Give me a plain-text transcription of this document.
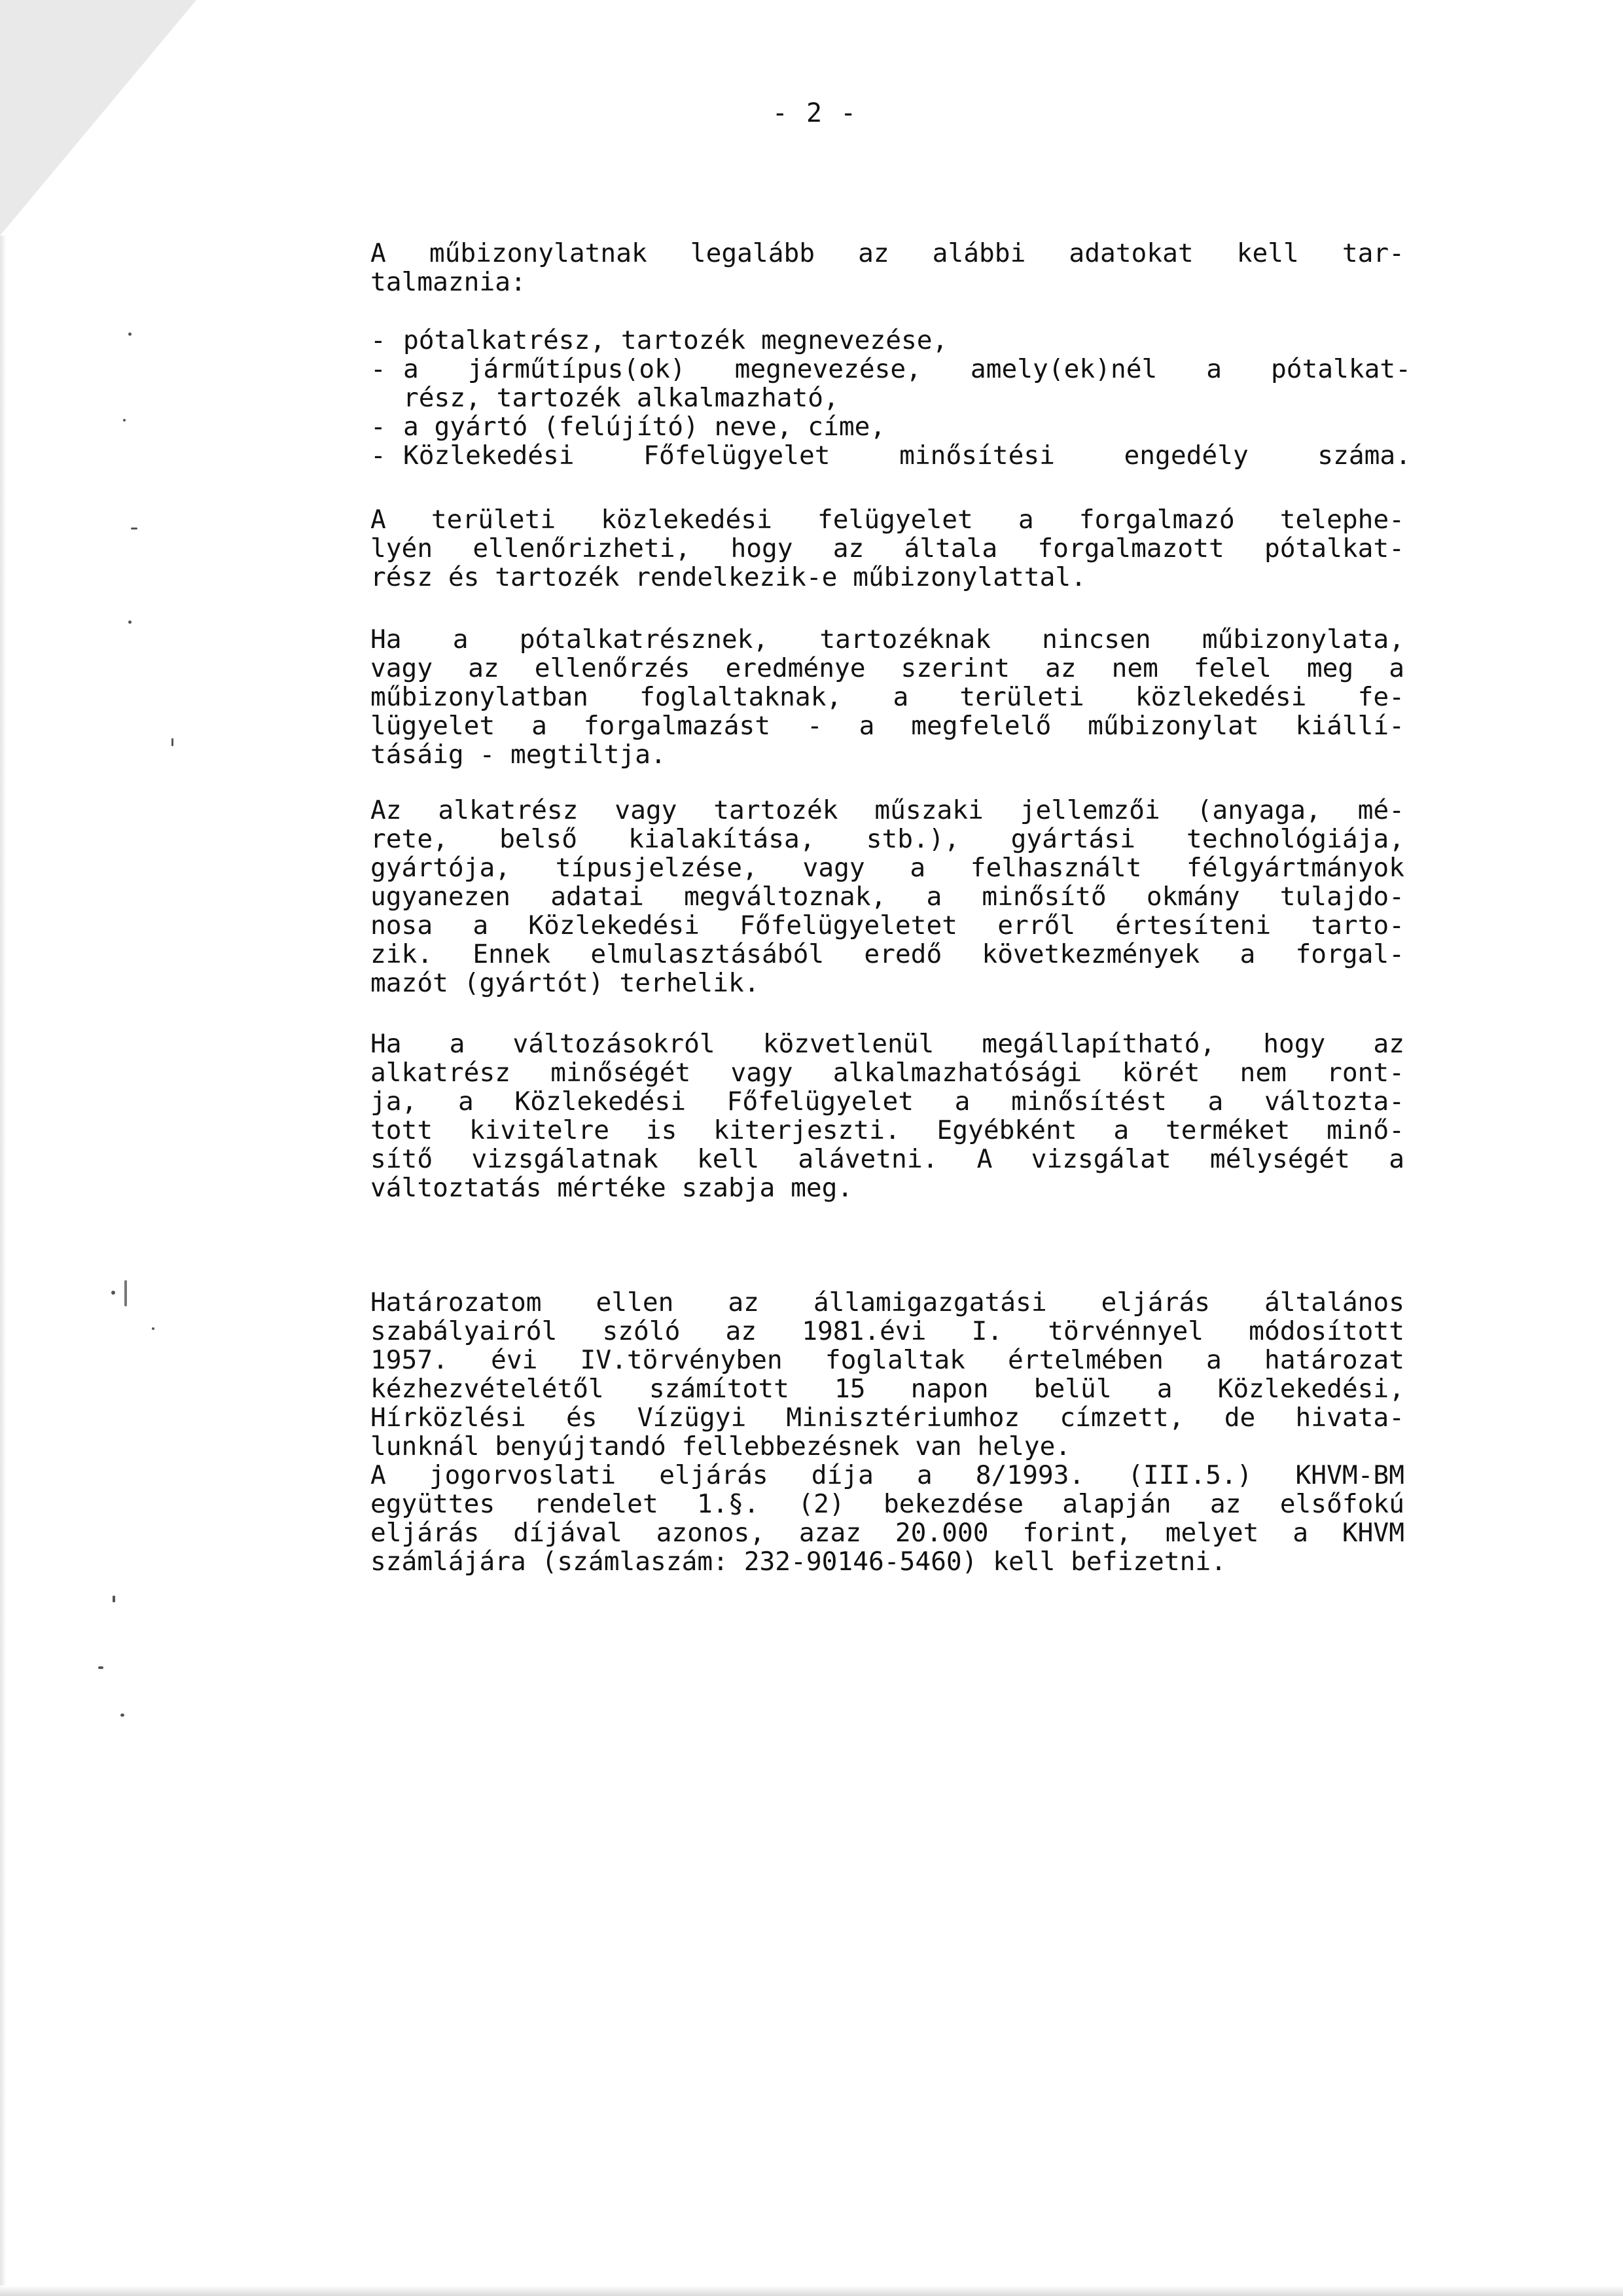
- 2 -
A műbizonylatnak legalább az alábbi adatokat kell tar-
talmaznia:
- pótalkatrész, tartozék megnevezése,
- a járműtípus(ok) megnevezése, amely(ek)nél a pótalkat-
rész, tartozék alkalmazható,
- a gyártó (felújító) neve, címe,
- Közlekedési Főfelügyelet minősítési engedély száma.
A területi közlekedési felügyelet a forgalmazó telephe-
lyén ellenőrizheti, hogy az általa forgalmazott pótalkat-
rész és tartozék rendelkezik-e műbizonylattal.
Ha a pótalkatrésznek, tartozéknak nincsen műbizonylata,
vagy az ellenőrzés eredménye szerint az nem felel meg a
műbizonylatban foglaltaknak, a területi közlekedési fe-
lügyelet a forgalmazást - a megfelelő műbizonylat kiállí-
tásáig - megtiltja.
Az alkatrész vagy tartozék műszaki jellemzői (anyaga, mé-
rete, belső kialakítása, stb.), gyártási technológiája,
gyártója, típusjelzése, vagy a felhasznált félgyártmányok
ugyanezen adatai megváltoznak, a minősítő okmány tulajdo-
nosa a Közlekedési Főfelügyeletet erről értesíteni tarto-
zik. Ennek elmulasztásából eredő következmények a forgal-
mazót (gyártót) terhelik.
Ha a változásokról közvetlenül megállapítható, hogy az
alkatrész minőségét vagy alkalmazhatósági körét nem ront-
ja, a Közlekedési Főfelügyelet a minősítést a változta-
tott kivitelre is kiterjeszti. Egyébként a terméket minő-
sítő vizsgálatnak kell alávetni. A vizsgálat mélységét a
változtatás mértéke szabja meg.
Határozatom ellen az államigazgatási eljárás általános
szabályairól szóló az 1981.évi I. törvénnyel módosított
1957. évi IV.törvényben foglaltak értelmében a határozat
kézhezvételétől számított 15 napon belül a Közlekedési,
Hírközlési és Vízügyi Minisztériumhoz címzett, de hivata-
lunknál benyújtandó fellebbezésnek van helye.
A jogorvoslati eljárás díja a 8/1993. (III.5.) KHVM-BM
együttes rendelet 1.§. (2) bekezdése alapján az elsőfokú
eljárás díjával azonos, azaz 20.000 forint, melyet a KHVM
számlájára (számlaszám: 232-90146-5460) kell befizetni.
